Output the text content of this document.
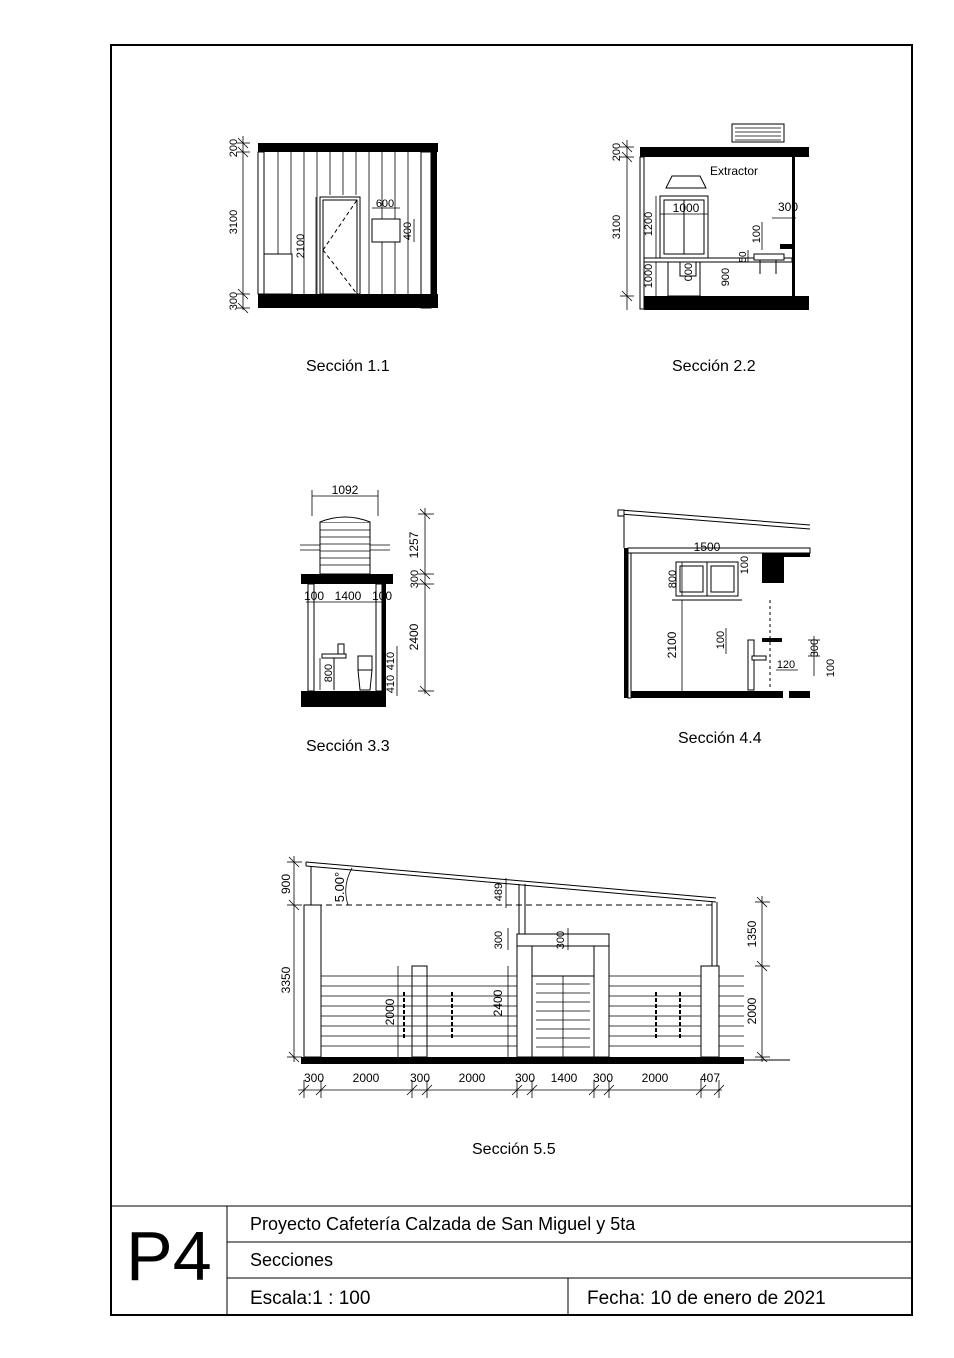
200
3100
300
2100
600
400
Extractor
200
3100
1000
1200
1000	000 900
300
100
50
1092
1257
300
100 1400 100
2400
800
410
410
1500
800
100
2100	100
120
300
100
900
3350
5.00°	489
300	300
2400
2000
1350
2000
300 2000	300 2000 300 1400 300 2000	407
Sección 1.1	Sección 2.2
Sección 3.3	Sección 4.4
Sección 5.5
P4 Proyecto Cafetería Calzada de San Miguel y 5ta
Secciones
Escala:1 : 100	Fecha: 10 de enero de 2021
